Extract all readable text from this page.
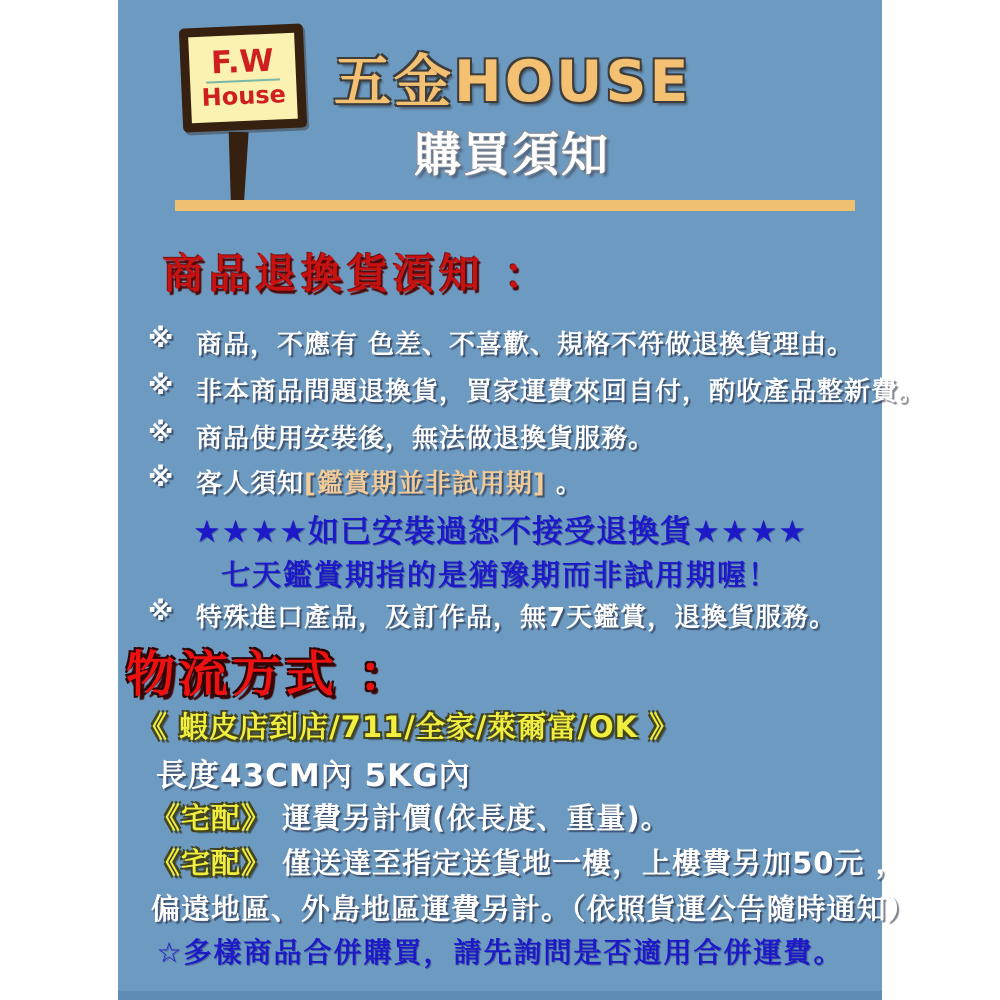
F.W
House 五金HOUSE
購買須知
商品退換貨湏知 ：
※ 商品，不應有 色差、不喜歡、規格不符做退換貨理由。
※ 非本商品問題退換貨，買家運費來回自付，酌收產品整新費。
※ 商品使用安裝後，無法做退換貨服務。
※ 客人須知[鑑賞期並非試用期] 。
★★★★如已安裝過恕不接受退換貨★★★★
七天鑑賞期指的是猶豫期而非試用期喔！
※ 特殊進口產品，及訂作品，無7天鑑賞，退換貨服務。
物流方式 ：
《 蝦皮店到店/711/全家/萊爾富/OK 》
長度43CM內 5KG內
《宅配》 運費另計價(依長度、重量)。
《宅配》 僅送達至指定送貨地一樓，上樓費另加50元 ，
偏遠地區、外島地區運費另計。（依照貨運公告隨時通知）
☆多樣商品合併購買，請先詢問是否適用合併運費。
